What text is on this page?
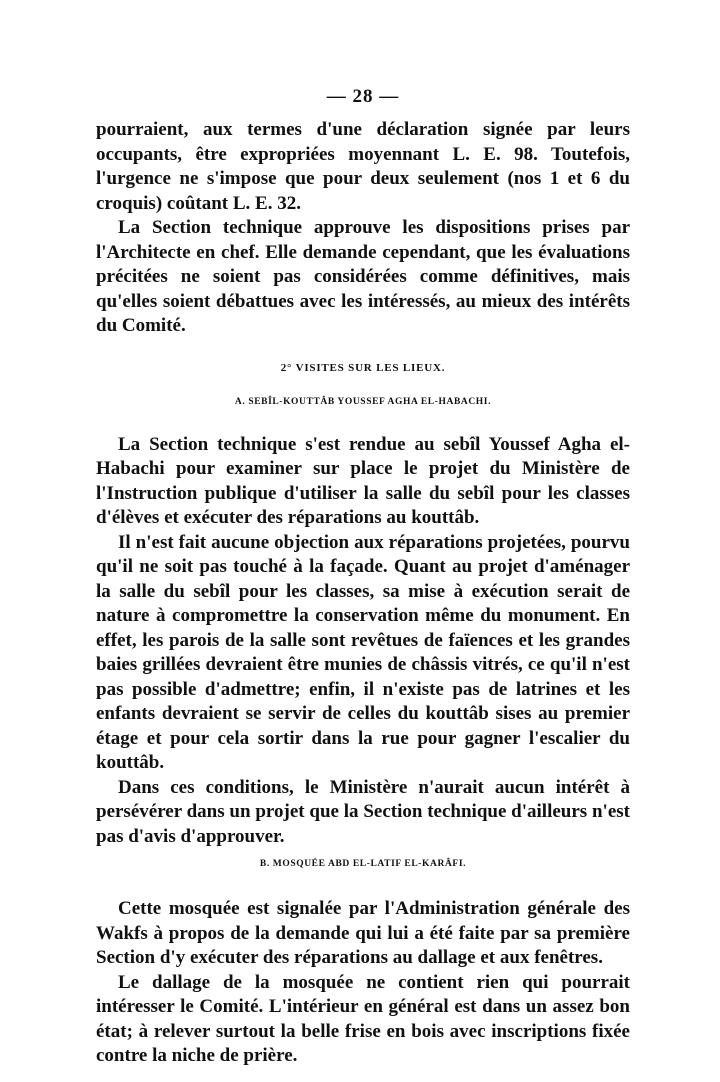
— 28 —

pourraient, aux termes d'une déclaration signée par leurs occupants, être expropriées moyennant L. E. 98. Toutefois, l'urgence ne s'impose que pour deux seulement (nos 1 et 6 du croquis) coûtant L. E. 32.

La Section technique approuve les dispositions prises par l'Architecte en chef. Elle demande cependant, que les évaluations précitées ne soient pas considérées comme définitives, mais qu'elles soient débattues avec les intéressés, au mieux des intérêts du Comité.

2° VISITES SUR LES LIEUX.
A. SEBÎL-KOUTTÂB YOUSSEF AGHA EL-HABACHI.

La Section technique s'est rendue au sebîl Youssef Agha el-Habachi pour examiner sur place le projet du Ministère de l'Instruction publique d'utiliser la salle du sebîl pour les classes d'élèves et exécuter des réparations au kouttâb.

Il n'est fait aucune objection aux réparations projetées, pourvu qu'il ne soit pas touché à la façade. Quant au projet d'aménager la salle du sebîl pour les classes, sa mise à exécution serait de nature à compromettre la conservation même du monument. En effet, les parois de la salle sont revêtues de faïences et les grandes baies grillées devraient être munies de châssis vitrés, ce qu'il n'est pas possible d'admettre; enfin, il n'existe pas de latrines et les enfants devraient se servir de celles du kouttâb sises au premier étage et pour cela sortir dans la rue pour gagner l'escalier du kouttâb.

Dans ces conditions, le Ministère n'aurait aucun intérêt à persévérer dans un projet que la Section technique d'ailleurs n'est pas d'avis d'approuver.

B. MOSQUÉE ABD EL-LATIF EL-KARÂFI.

Cette mosquée est signalée par l'Administration générale des Wakfs à propos de la demande qui lui a été faite par sa première Section d'y exécuter des réparations au dallage et aux fenêtres.

Le dallage de la mosquée ne contient rien qui pourrait intéresser le Comité. L'intérieur en général est dans un assez bon état; à relever surtout la belle frise en bois avec inscriptions fixée contre la niche de prière.
